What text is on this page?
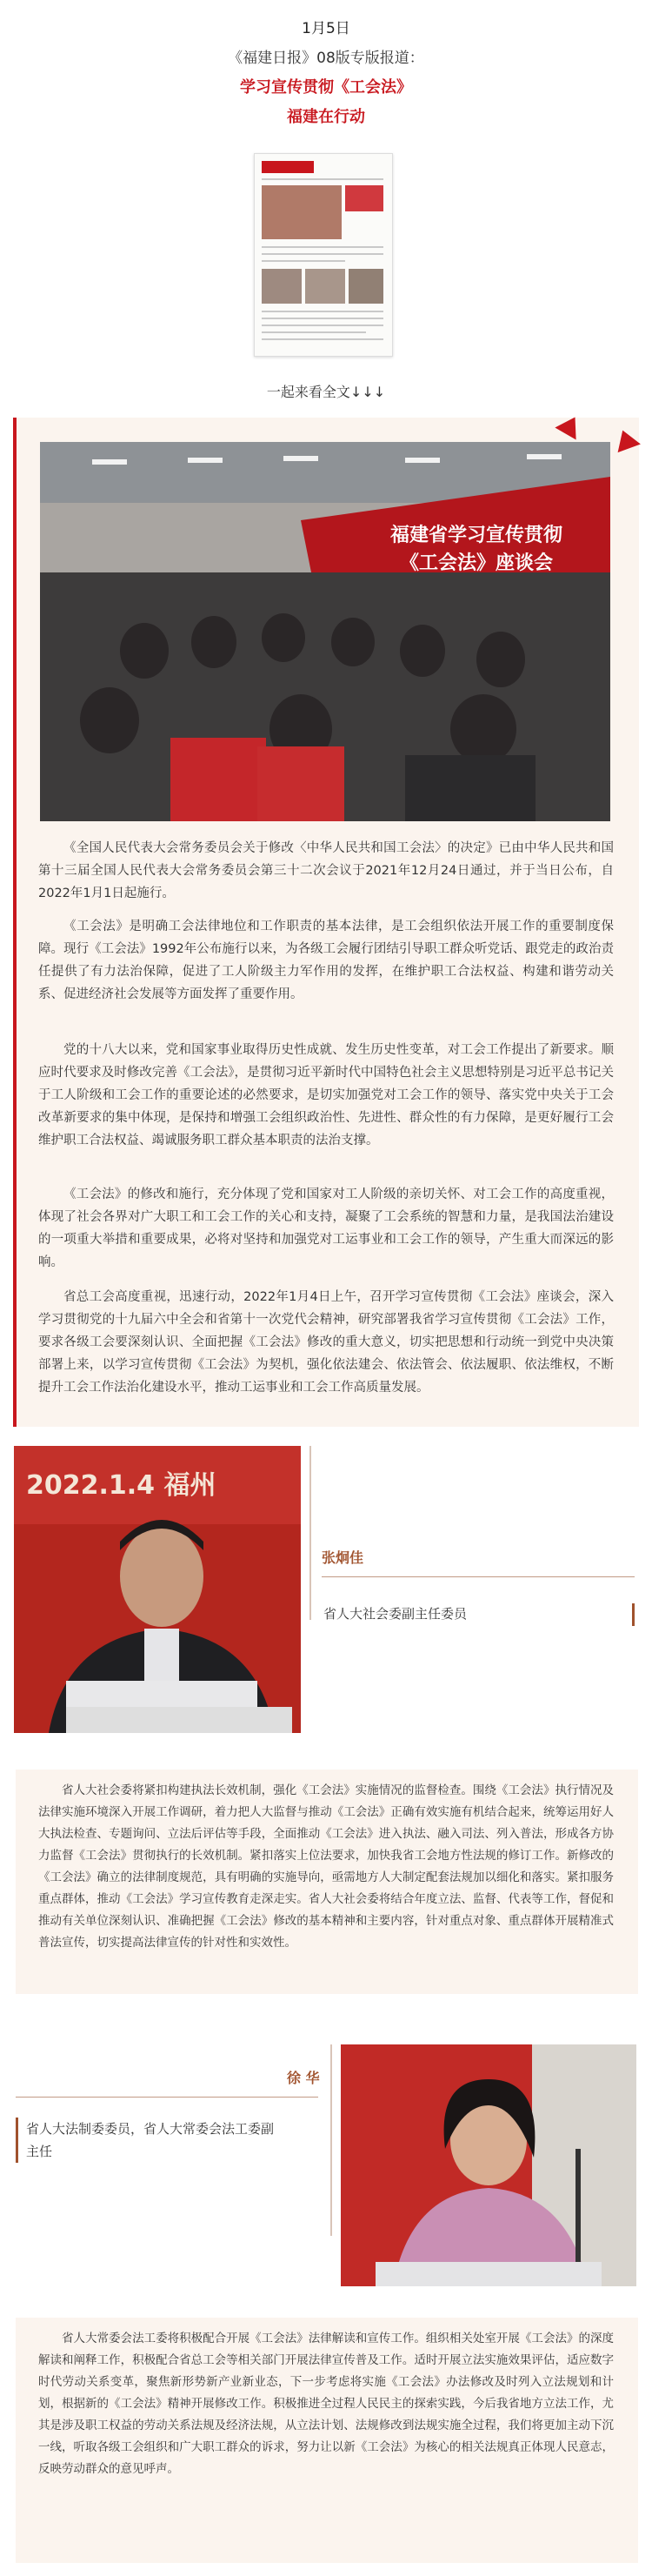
1月5日
《福建日报》08版专版报道：
学习宣传贯彻《工会法》
福建在行动
一起来看全文↓↓↓
福建省学习宣传贯彻
《工会法》座谈会

《全国人民代表大会常务委员会关于修改〈中华人民共和国工会法〉的决定》已由中华人民共和国第十三届全国人民代表大会常务委员会第三十二次会议于2021年12月24日通过，并于当日公布，自2022年1月1日起施行。

《工会法》是明确工会法律地位和工作职责的基本法律，是工会组织依法开展工作的重要制度保障。现行《工会法》1992年公布施行以来，为各级工会履行团结引导职工群众听党话、跟党走的政治责任提供了有力法治保障，促进了工人阶级主力军作用的发挥，在维护职工合法权益、构建和谐劳动关系、促进经济社会发展等方面发挥了重要作用。

党的十八大以来，党和国家事业取得历史性成就、发生历史性变革，对工会工作提出了新要求。顺应时代要求及时修改完善《工会法》，是贯彻习近平新时代中国特色社会主义思想特别是习近平总书记关于工人阶级和工会工作的重要论述的必然要求，是切实加强党对工会工作的领导、落实党中央关于工会改革新要求的集中体现，是保持和增强工会组织政治性、先进性、群众性的有力保障，是更好履行工会维护职工合法权益、竭诚服务职工群众基本职责的法治支撑。

《工会法》的修改和施行，充分体现了党和国家对工人阶级的亲切关怀、对工会工作的高度重视，体现了社会各界对广大职工和工会工作的关心和支持，凝聚了工会系统的智慧和力量，是我国法治建设的一项重大举措和重要成果，必将对坚持和加强党对工运事业和工会工作的领导，产生重大而深远的影响。

省总工会高度重视，迅速行动，2022年1月4日上午，召开学习宣传贯彻《工会法》座谈会，深入学习贯彻党的十九届六中全会和省第十一次党代会精神，研究部署我省学习宣传贯彻《工会法》工作，要求各级工会要深刻认识、全面把握《工会法》修改的重大意义，切实把思想和行动统一到党中央决策部署上来，以学习宣传贯彻《工会法》为契机，强化依法建会、依法管会、依法履职、依法维权，不断提升工会工作法治化建设水平，推动工运事业和工会工作高质量发展。

2022.1.4 福州
张炯佳
省人大社会委副主任委员

省人大社会委将紧扣构建执法长效机制，强化《工会法》实施情况的监督检查。围绕《工会法》执行情况及法律实施环境深入开展工作调研，着力把人大监督与推动《工会法》正确有效实施有机结合起来，统筹运用好人大执法检查、专题询问、立法后评估等手段，全面推动《工会法》进入执法、融入司法、列入普法，形成各方协力监督《工会法》贯彻执行的长效机制。紧扣落实上位法要求，加快我省工会地方性法规的修订工作。新修改的《工会法》确立的法律制度规范，具有明确的实施导向，亟需地方人大制定配套法规加以细化和落实。紧扣服务重点群体，推动《工会法》学习宣传教育走深走实。省人大社会委将结合年度立法、监督、代表等工作，督促和推动有关单位深刻认识、准确把握《工会法》修改的基本精神和主要内容，针对重点对象、重点群体开展精准式普法宣传，切实提高法律宣传的针对性和实效性。

徐 华
省人大法制委委员，省人大常委会法工委副
主任

省人大常委会法工委将积极配合开展《工会法》法律解读和宣传工作。组织相关处室开展《工会法》的深度解读和阐释工作，积极配合省总工会等相关部门开展法律宣传普及工作。适时开展立法实施效果评估，适应数字时代劳动关系变革，聚焦新形势新产业新业态，下一步考虑将实施《工会法》办法修改及时列入立法规划和计划，根据新的《工会法》精神开展修改工作。积极推进全过程人民民主的探索实践，今后我省地方立法工作，尤其是涉及职工权益的劳动关系法规及经济法规，从立法计划、法规修改到法规实施全过程，我们将更加主动下沉一线，听取各级工会组织和广大职工群众的诉求，努力让以新《工会法》为核心的相关法规真正体现人民意志，反映劳动群众的意见呼声。
